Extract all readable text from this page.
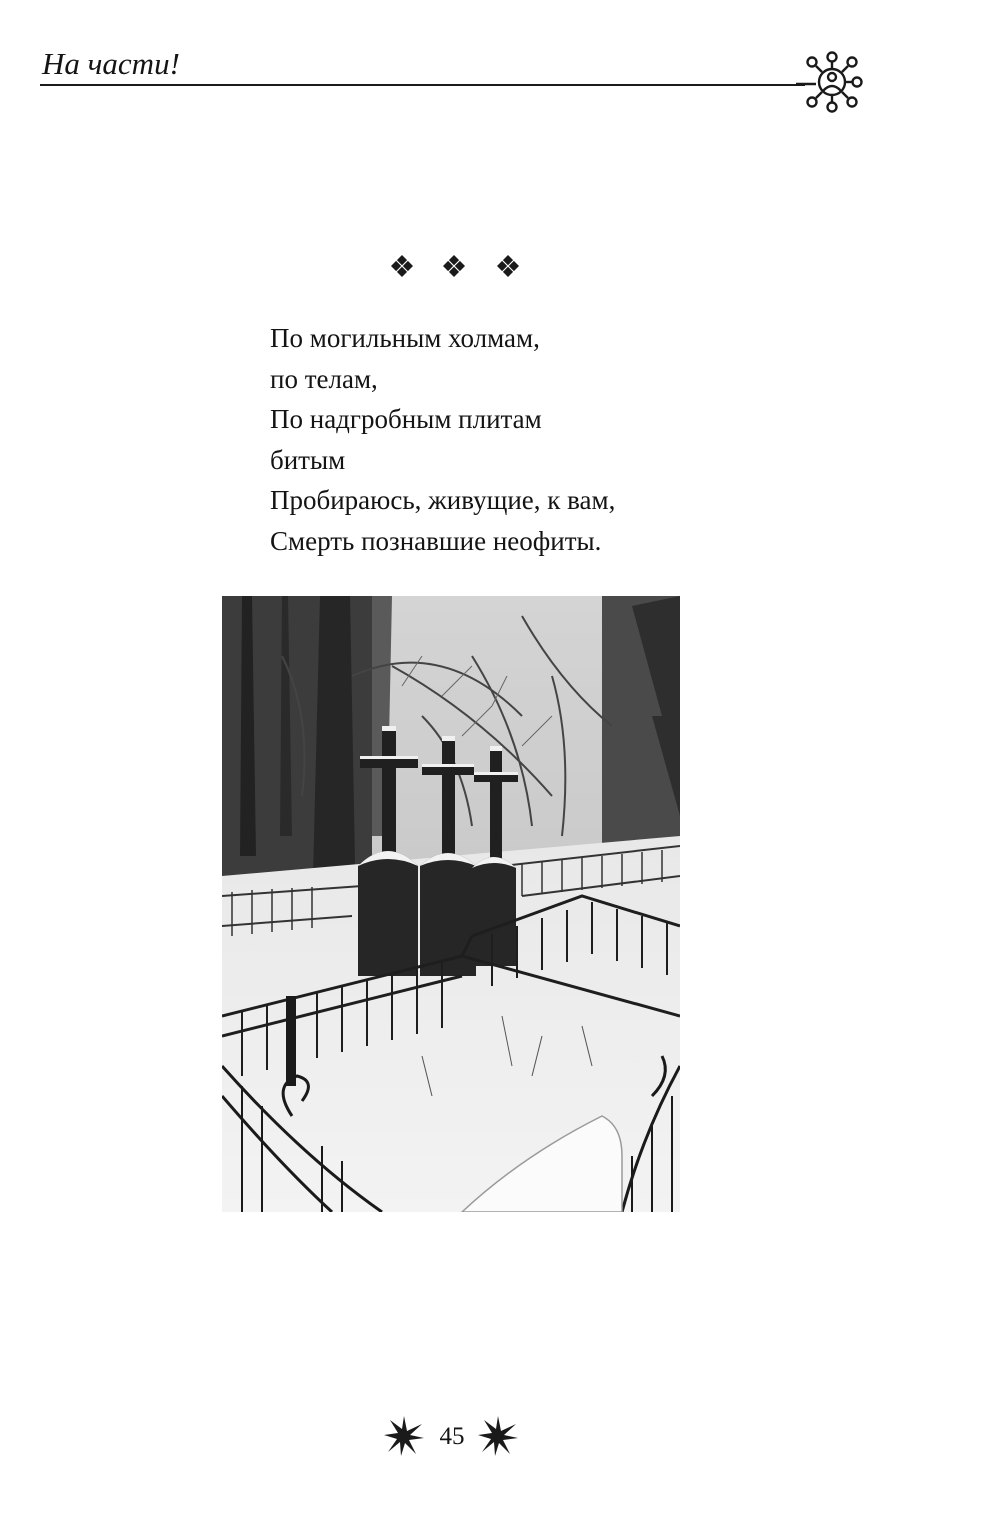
На части!
По могильным холмам,
по телам,
По надгробным плитам
битым
Пробираюсь, живущие, к вам,
Смерть познавшие неофиты.
45
